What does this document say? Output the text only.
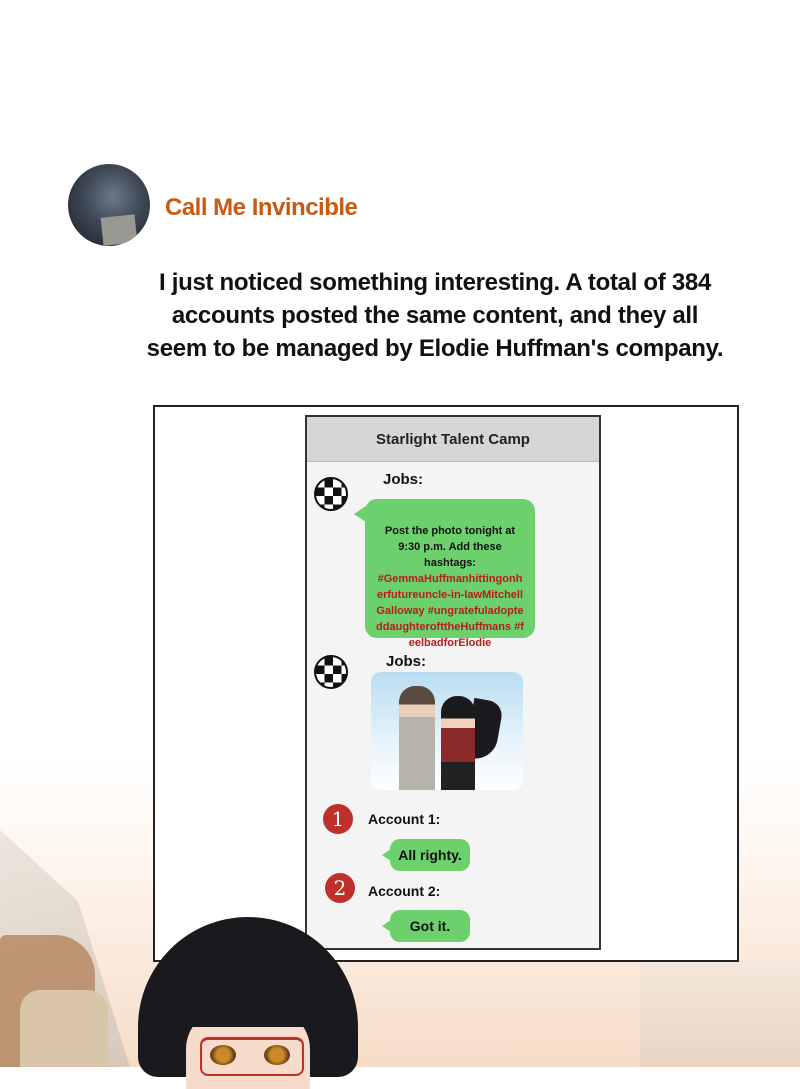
Call Me Invincible
I just noticed something interesting. A total of 384 accounts posted the same content, and they all seem to be managed by Elodie Huffman's company.
Starlight Talent Camp
Jobs:
Post the photo tonight at 9:30 p.m. Add these hashtags:
#GemmaHuffmanhittingonherfutureuncle-in-lawMitchellGalloway #ungratefuladopteddaughterofttheHuffmans #feelbadforElodie
Jobs:
1	Account 1:
All righty.
2	Account 2:
Got it.
